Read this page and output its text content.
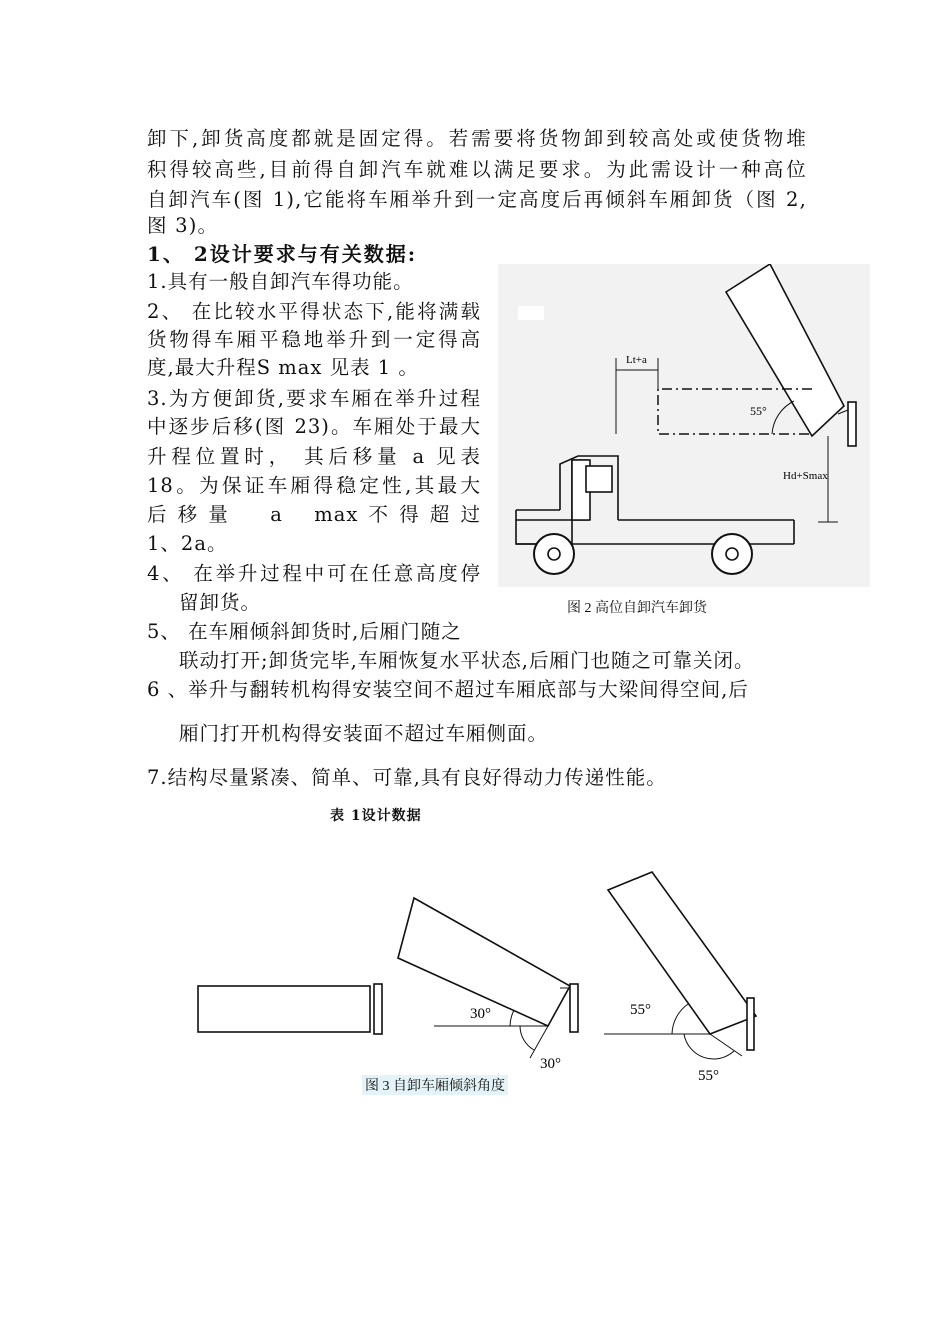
卸下,卸货高度都就是固定得。若需要将货物卸到较高处或使货物堆

积得较高些,目前得自卸汽车就难以满足要求。为此需设计一种高位

自卸汽车(图 1),它能将车厢举升到一定高度后再倾斜车厢卸货（图 2,

图 3)。

1、 2设计要求与有关数据:

1.具有一般自卸汽车得功能。

2、 在比较水平得状态下,能将满载

货物得车厢平稳地举升到一定得高

度,最大升程S max 见表 1 。

3.为方便卸货,要求车厢在举升过程

中逐步后移(图 23)。车厢处于最大

升程位置时， 其后移量 a 见表

18。为保证车厢得稳定性,其最大

后移量 a max不得超过

1、2a。

4、 在举升过程中可在任意高度停

留卸货。

5、 在车厢倾斜卸货时,后厢门随之

联动打开;卸货完毕,车厢恢复水平状态,后厢门也随之可靠关闭。

6 、举升与翻转机构得安装空间不超过车厢底部与大梁间得空间,后

厢门打开机构得安装面不超过车厢侧面。

7.结构尽量紧凑、简单、可靠,具有良好得动力传递性能。

Lt+a
55°
Hd+Smax
图 2 高位自卸汽车卸货
表 1设计数据
30°
30°
55°
55°
图 3 自卸车厢倾斜角度
